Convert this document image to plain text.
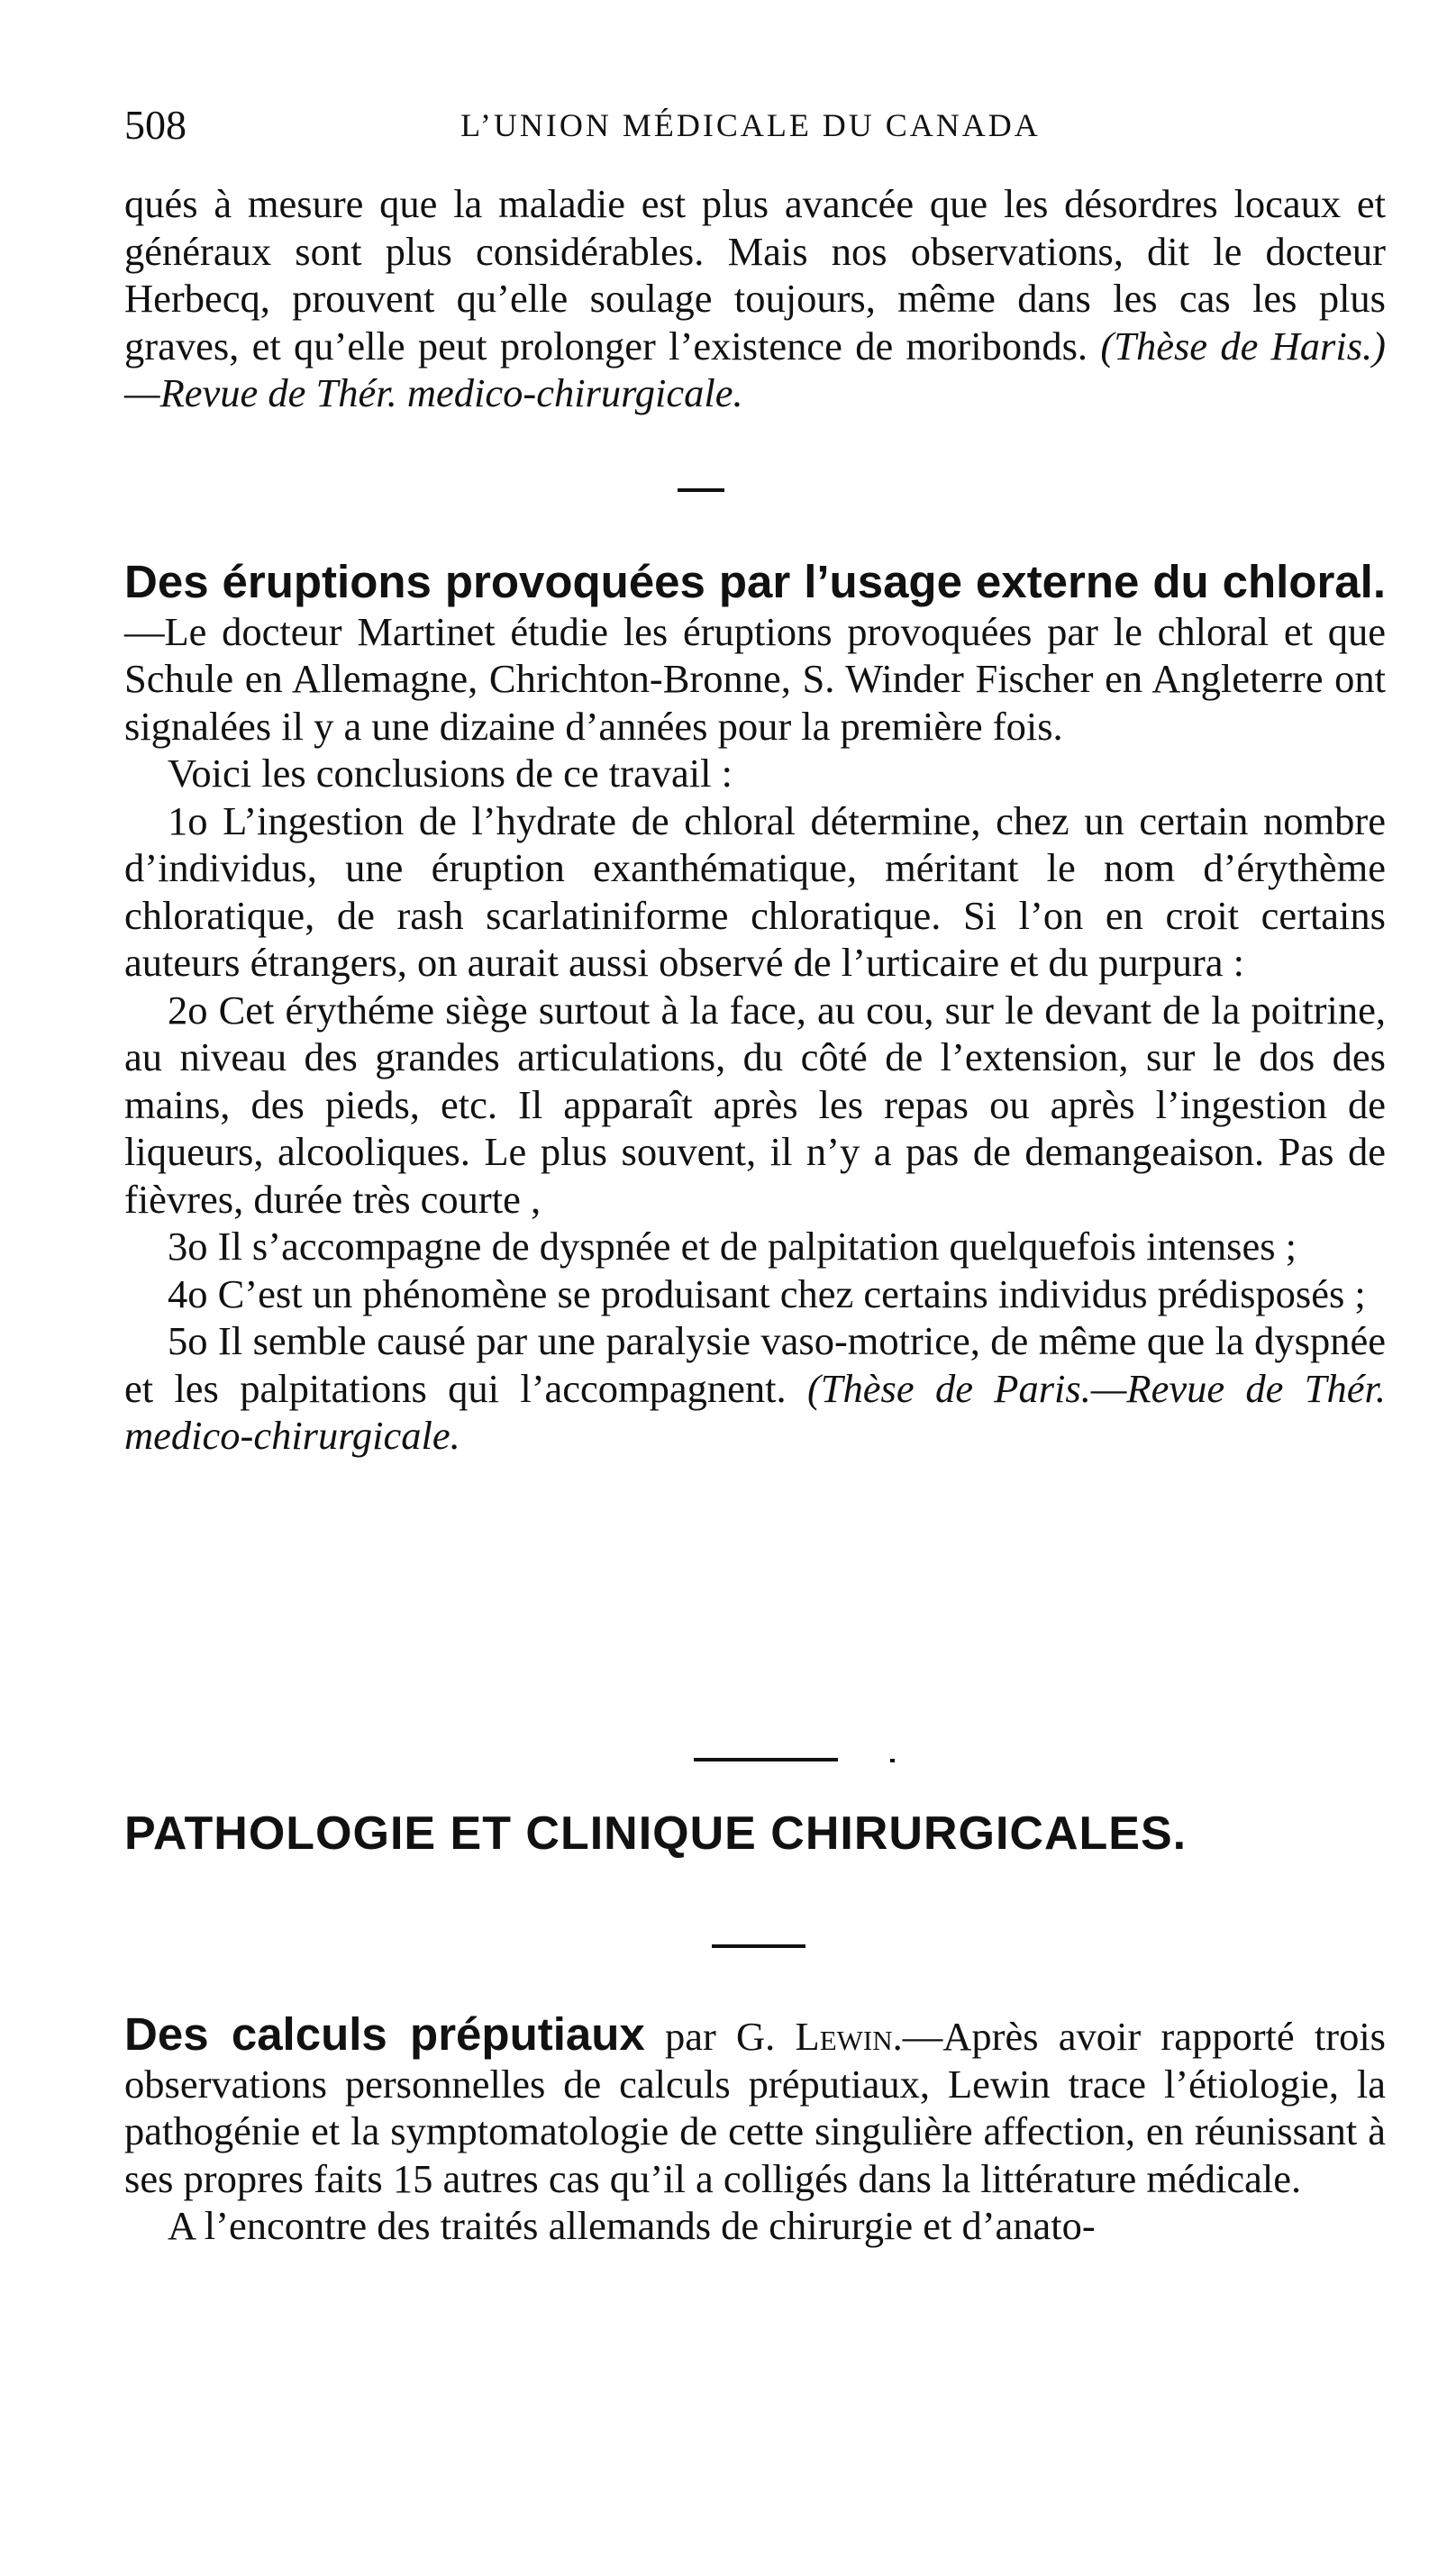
508	L’UNION MÉDICALE DU CANADA

qués à mesure que la maladie est plus avancée que les désordres locaux et généraux sont plus considérables. Mais nos observations, dit le docteur Herbecq, prouvent qu’elle soulage toujours, même dans les cas les plus graves, et qu’elle peut prolonger l’existence de moribonds. (Thèse de Haris.)—Revue de Thér. medico-chirurgicale.

Des éruptions provoquées par l’usage externe du chloral.—Le docteur Martinet étudie les éruptions provoquées par le chloral et que Schule en Allemagne, Chrichton-Bronne, S. Winder Fischer en Angleterre ont signalées il y a une dizaine d’années pour la première fois.

Voici les conclusions de ce travail :

1o L’ingestion de l’hydrate de chloral détermine, chez un certain nombre d’individus, une éruption exanthématique, méritant le nom d’érythème chloratique, de rash scarlatiniforme chloratique. Si l’on en croit certains auteurs étrangers, on aurait aussi observé de l’urticaire et du purpura :

2o Cet érythéme siège surtout à la face, au cou, sur le devant de la poitrine, au niveau des grandes articulations, du côté de l’extension, sur le dos des mains, des pieds, etc. Il apparaît après les repas ou après l’ingestion de liqueurs, alcooliques. Le plus souvent, il n’y a pas de demangeaison. Pas de fièvres, durée très courte ,

3o Il s’accompagne de dyspnée et de palpitation quelquefois intenses ;

4o C’est un phénomène se produisant chez certains individus prédisposés ;

5o Il semble causé par une paralysie vaso-motrice, de même que la dyspnée et les palpitations qui l’accompagnent. (Thèse de Paris.—Revue de Thér. medico-chirurgicale.

PATHOLOGIE ET CLINIQUE CHIRURGICALES.

Des calculs préputiaux par G. Lewin.—Après avoir rapporté trois observations personnelles de calculs préputiaux, Lewin trace l’étiologie, la pathogénie et la symptomatologie de cette singulière affection, en réunissant à ses propres faits 15 autres cas qu’il a colligés dans la littérature médicale.

A l’encontre des traités allemands de chirurgie et d’anato-
